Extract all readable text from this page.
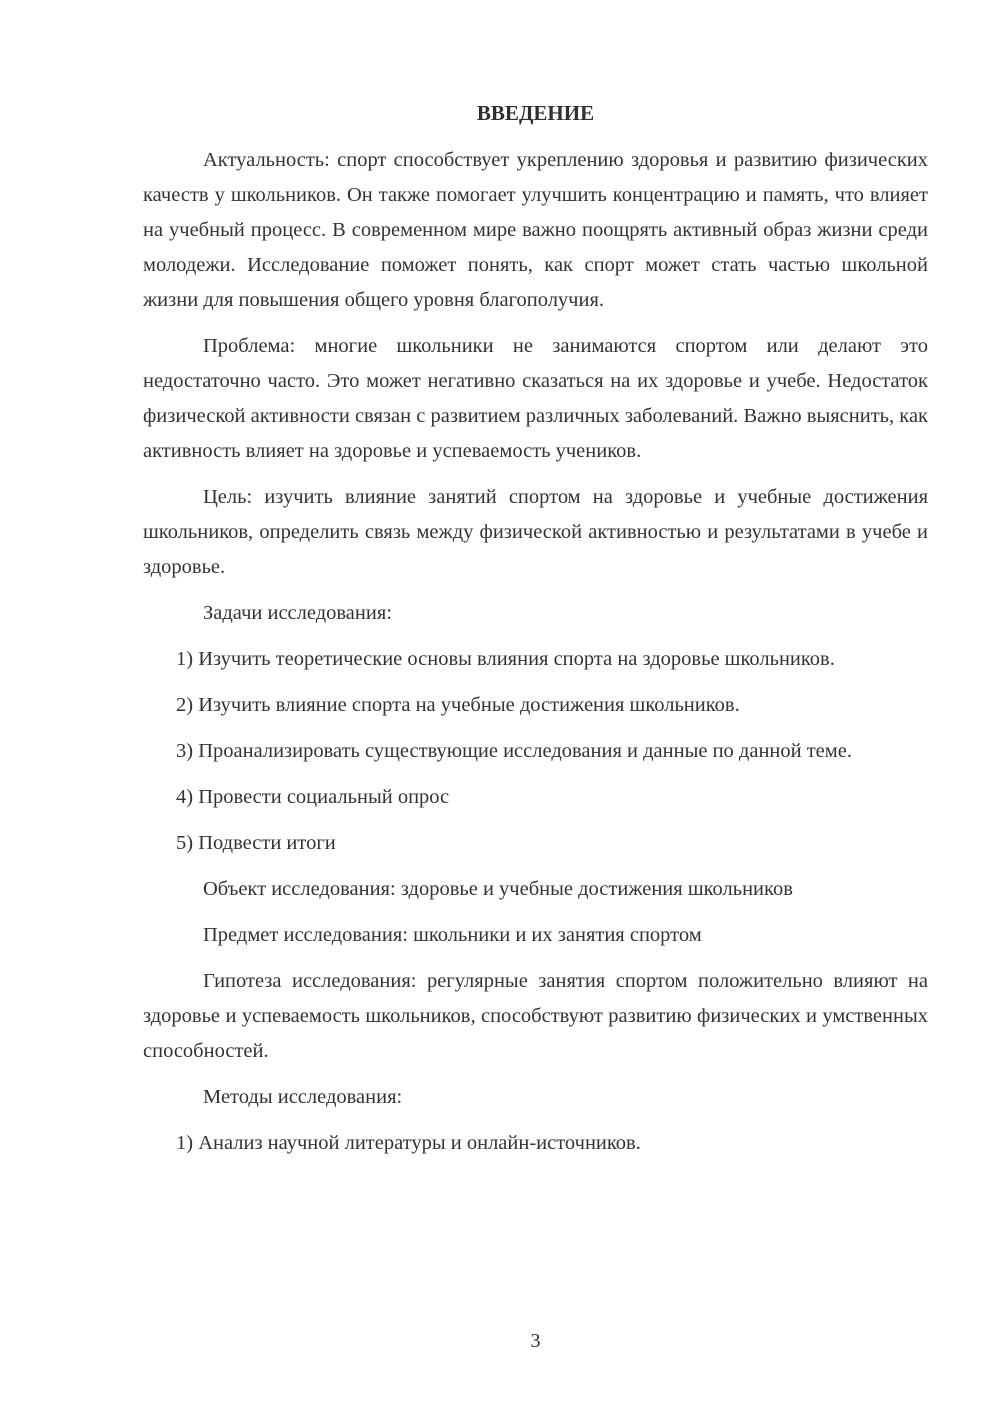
ВВЕДЕНИЕ

Актуальность: спорт способствует укреплению здоровья и развитию физических качеств у школьников. Он также помогает улучшить концентрацию и память, что влияет на учебный процесс. В современном мире важно поощрять активный образ жизни среди молодежи. Исследование поможет понять, как спорт может стать частью школьной жизни для повышения общего уровня благополучия.

Проблема: многие школьники не занимаются спортом или делают это недостаточно часто. Это может негативно сказаться на их здоровье и учебе. Недостаток физической активности связан с развитием различных заболеваний. Важно выяснить, как активность влияет на здоровье и успеваемость учеников.

Цель: изучить влияние занятий спортом на здоровье и учебные достижения школьников, определить связь между физической активностью и результатами в учебе и здоровье.

Задачи исследования:

1) Изучить теоретические основы влияния спорта на здоровье школьников.

2) Изучить влияние спорта на учебные достижения школьников.

3) Проанализировать существующие исследования и данные по данной теме.

4) Провести социальный опрос

5) Подвести итоги

Объект исследования: здоровье и учебные достижения школьников

Предмет исследования: школьники и их занятия спортом

Гипотеза исследования: регулярные занятия спортом положительно влияют на здоровье и успеваемость школьников, способствуют развитию физических и умственных способностей.

Методы исследования:

1) Анализ научной литературы и онлайн-источников.

3
